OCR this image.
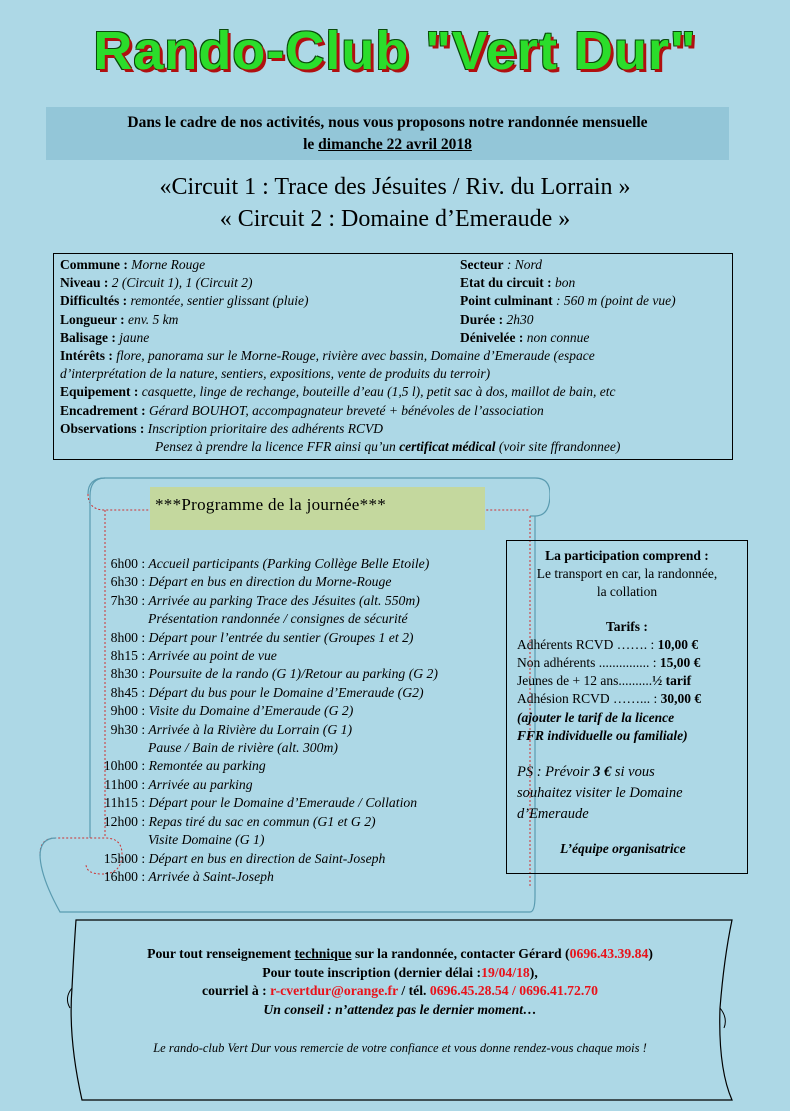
Rando-Club "Vert Dur"
Dans le cadre de nos activités, nous vous proposons notre randonnée mensuelle
le dimanche 22 avril 2018
«Circuit 1 : Trace des Jésuites / Riv. du Lorrain »
« Circuit 2 : Domaine d’Emeraude »
Commune : Morne Rouge	Secteur : Nord
Niveau : 2 (Circuit 1), 1 (Circuit 2)	Etat du circuit : bon
Difficultés : remontée, sentier glissant (pluie)	Point culminant : 560 m (point de vue)
Longueur : env. 5 km	Durée : 2h30
Balisage : jaune	Dénivelée : non connue
Intérêts : flore, panorama sur le Morne-Rouge, rivière avec bassin, Domaine d’Emeraude (espace
d’interprétation de la nature, sentiers, expositions, vente de produits du terroir)
Equipement : casquette, linge de rechange, bouteille d’eau (1,5 l), petit sac à dos, maillot de bain, etc
Encadrement : Gérard BOUHOT, accompagnateur breveté + bénévoles de l’association
Observations : Inscription prioritaire des adhérents RCVD
Pensez à prendre la licence FFR ainsi qu’un certificat médical (voir site ffrandonnee)
***Programme de la journée***
6h00 : Accueil participants (Parking Collège Belle Etoile)
6h30 : Départ en bus en direction du Morne-Rouge
7h30 : Arrivée au parking Trace des Jésuites (alt. 550m)
Présentation randonnée / consignes de sécurité
8h00 : Départ pour l’entrée du sentier (Groupes 1 et 2)
8h15 : Arrivée au point de vue
8h30 : Poursuite de la rando (G 1)/Retour au parking (G 2)
8h45 : Départ du bus pour le Domaine d’Emeraude (G2)
9h00 : Visite du Domaine d’Emeraude (G 2)
9h30 : Arrivée à la Rivière du Lorrain (G 1)
Pause / Bain de rivière (alt. 300m)
10h00 : Remontée au parking
11h00 : Arrivée au parking
11h15 : Départ pour le Domaine d’Emeraude / Collation
12h00 : Repas tiré du sac en commun (G1 et G 2)
Visite Domaine (G 1)
15h00 : Départ en bus en direction de Saint-Joseph
16h00 : Arrivée à Saint-Joseph
La participation comprend :
Le transport en car, la randonnée,
la collation
Tarifs :
Adhérents RCVD ……. : 10,00 €
Non adhérents ............... : 15,00 €
Jeunes de + 12 ans..........½ tarif
Adhésion RCVD ……... : 30,00 €
(ajouter le tarif de la licence
FFR individuelle ou familiale)
PS : Prévoir 3 € si vous
souhaitez visiter le Domaine
d’Emeraude
L’équipe organisatrice
Pour tout renseignement technique sur la randonnée, contacter Gérard (0696.43.39.84)
Pour toute inscription (dernier délai :19/04/18),
courriel à : r-cvertdur@orange.fr / tél. 0696.45.28.54 / 0696.41.72.70
Un conseil : n’attendez pas le dernier moment…
Le rando-club Vert Dur vous remercie de votre confiance et vous donne rendez-vous chaque mois !
